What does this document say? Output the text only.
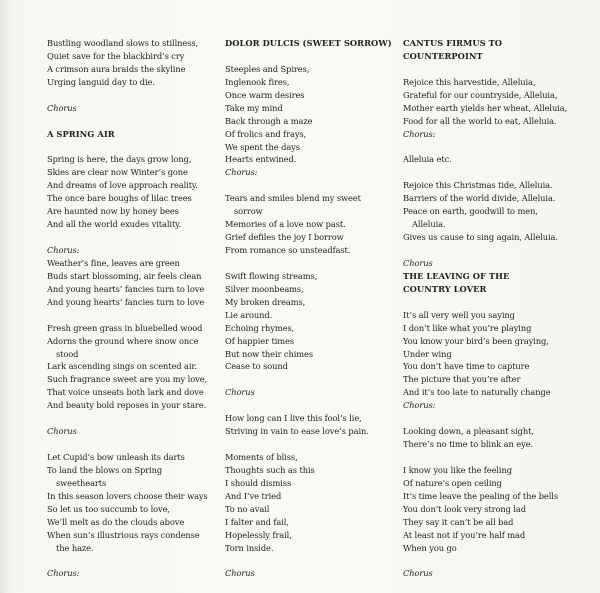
Bustling woodland slows to stillness,
Quiet save for the blackbird’s cry
A crimson aura braids the skyline
Urging languid day to die.
Chorus
A SPRING AIR
Spring is here, the days grow long,
Skies are clear now Winter’s gone
And dreams of love approach reality.
The once bare boughs of lilac trees
Are haunted now by honey bees
And all the world exudes vitality.
Chorus:
Weather’s fine, leaves are green
Buds start blossoming, air feels clean
And young hearts’ fancies turn to love
And young hearts’ fancies turn to love
Fresh green grass in bluebelled wood
Adorns the ground where snow once
stood
Lark ascending sings on scented air.
Such fragrance sweet are you my love,
That voice unseats both lark and dove
And beauty bold reposes in your stare.
Chorus
Let Cupid’s bow unleash its darts
To land the blows on Spring
sweethearts
In this season lovers choose their ways
So let us too succumb to love,
We’ll melt as do the clouds above
When sun’s illustrious rays condense
the haze.
Chorus:
DOLOR DULCIS (SWEET SORROW)
Steeples and Spires,
Inglenook fires,
Once warm desires
Take my mind
Back through a maze
Of frolics and frays,
We spent the days
Hearts entwined.
Chorus:
Tears and smiles blend my sweet
sorrow
Memories of a love now past.
Grief defiles the joy I borrow
From romance so unsteadfast.
Swift flowing streams,
Silver moonbeams,
My broken dreams,
Lie around.
Echoing rhymes,
Of happier times
But now their chimes
Cease to sound
Chorus
How long can I live this fool’s lie,
Striving in vain to ease love’s pain.
Moments of bliss,
Thoughts such as this
I should dismiss
And I’ve tried
To no avail
I falter and fail,
Hopelessly frail,
Torn inside.
Chorus
CANTUS FIRMUS TO
COUNTERPOINT
Rejoice this harvestide, Alleluia,
Grateful for our countryside, Alleluia,
Mother earth yields her wheat, Alleluia,
Food for all the world to eat, Alleluia.
Chorus:
Alleluia etc.
Rejoice this Christmas tide, Alleluia.
Barriers of the world divide, Alleluia.
Peace on earth, goodwill to men,
Alleluia.
Gives us cause to sing again, Alleluia.
Chorus
THE LEAVING OF THE
COUNTRY LOVER
It’s all very well you saying
I don’t like what you’re playing
You know your bird’s been graying,
Under wing
You don’t have time to capture
The picture that you’re after
And it’s too late to naturally change
Chorus:
Looking down, a pleasant sight,
There’s no time to blink an eye.
I know you like the feeling
Of nature’s open ceiling
It’s time leave the pealing of the bells
You don’t look very strong lad
They say it can’t be all bad
At least not if you’re half mad
When you go
Chorus
